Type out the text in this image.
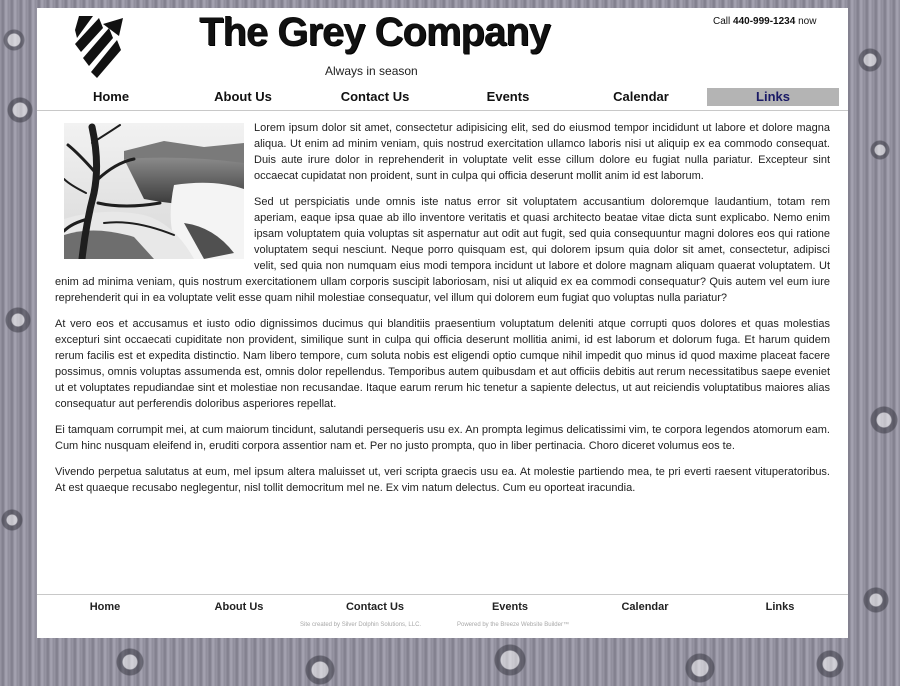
The Grey Company
Always in season
Call 440-999-1234 now
Home	About Us	Contact Us	Events	Calendar	Links

Lorem ipsum dolor sit amet, consectetur adipisicing elit, sed do eiusmod tempor incididunt ut labore et dolore magna aliqua. Ut enim ad minim veniam, quis nostrud exercitation ullamco laboris nisi ut aliquip ex ea commodo consequat. Duis aute irure dolor in reprehenderit in voluptate velit esse cillum dolore eu fugiat nulla pariatur. Excepteur sint occaecat cupidatat non proident, sunt in culpa qui officia deserunt mollit anim id est laborum.

Sed ut perspiciatis unde omnis iste natus error sit voluptatem accusantium doloremque laudantium, totam rem aperiam, eaque ipsa quae ab illo inventore veritatis et quasi architecto beatae vitae dicta sunt explicabo. Nemo enim ipsam voluptatem quia voluptas sit aspernatur aut odit aut fugit, sed quia consequuntur magni dolores eos qui ratione voluptatem sequi nesciunt. Neque porro quisquam est, qui dolorem ipsum quia dolor sit amet, consectetur, adipisci velit, sed quia non numquam eius modi tempora incidunt ut labore et dolore magnam aliquam quaerat voluptatem. Ut enim ad minima veniam, quis nostrum exercitationem ullam corporis suscipit laboriosam, nisi ut aliquid ex ea commodi consequatur? Quis autem vel eum iure reprehenderit qui in ea voluptate velit esse quam nihil molestiae consequatur, vel illum qui dolorem eum fugiat quo voluptas nulla pariatur?

At vero eos et accusamus et iusto odio dignissimos ducimus qui blanditiis praesentium voluptatum deleniti atque corrupti quos dolores et quas molestias excepturi sint occaecati cupiditate non provident, similique sunt in culpa qui officia deserunt mollitia animi, id est laborum et dolorum fuga. Et harum quidem rerum facilis est et expedita distinctio. Nam libero tempore, cum soluta nobis est eligendi optio cumque nihil impedit quo minus id quod maxime placeat facere possimus, omnis voluptas assumenda est, omnis dolor repellendus. Temporibus autem quibusdam et aut officiis debitis aut rerum necessitatibus saepe eveniet ut et voluptates repudiandae sint et molestiae non recusandae. Itaque earum rerum hic tenetur a sapiente delectus, ut aut reiciendis voluptatibus maiores alias consequatur aut perferendis doloribus asperiores repellat.

Ei tamquam corrumpit mei, at cum maiorum tincidunt, salutandi persequeris usu ex. An prompta legimus delicatissimi vim, te corpora legendos atomorum eam. Cum hinc nusquam eleifend in, eruditi corpora assentior nam et. Per no justo prompta, quo in liber pertinacia. Choro diceret volumus eos te.

Vivendo perpetua salutatus at eum, mel ipsum altera maluisset ut, veri scripta graecis usu ea. At molestie partiendo mea, te pri everti raesent vituperatoribus. At est quaeque recusabo neglegentur, nisl tollit democritum mel ne. Ex vim natum delectus. Cum eu oporteat iracundia.

Home	About Us	Contact Us	Events	Calendar	Links
Site created by Silver Dolphin Solutions, LLC.	Powered by the Breeze Website Builder™
